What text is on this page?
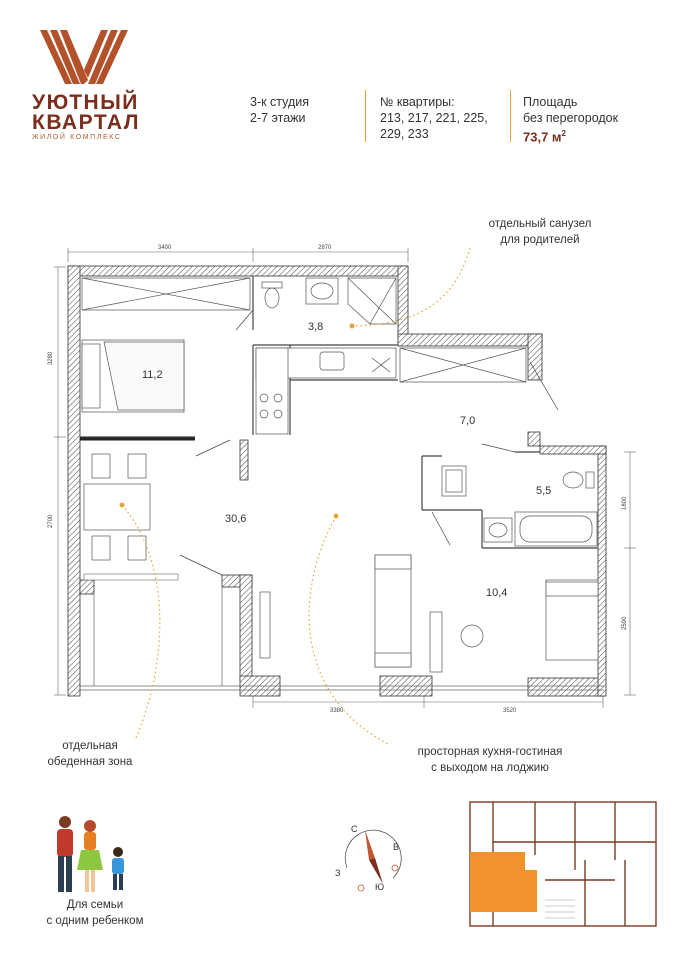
УЮТНЫЙ
КВАРТАЛ
ЖИЛОЙ КОМПЛЕКС
3-к студия
2-7 этажи
№ квартиры:
213, 217, 221, 225,
229, 233
Площадь
без перегородок
73,7 $м^2$
3400	2870
3280
2700
1800
2590
3380	3520
3,8
11,2
30,6
7,0
5,5
10,4
отдельный санузел
для родителей
отдельная
обеденная зона
просторная кухня-гостиная
с выходом на лоджию
Для семьи
с одним ребенком
С
В
Ю
З
